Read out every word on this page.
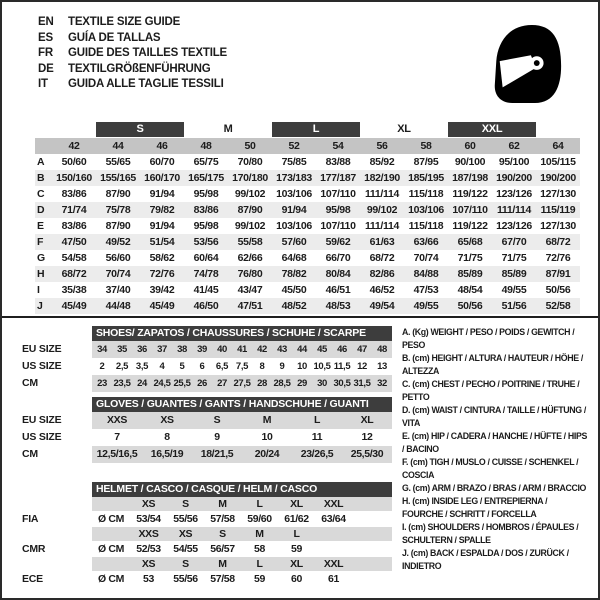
EN	TEXTILE SIZE GUIDE
ES	GUÍA DE TALLAS
FR	GUIDE DES TAILLES TEXTILE
DE	TEXTILGRÖßENFÜHRUNG
IT	GUIDA ALLE TAGLIE TESSILI
S	M	L	XL	XXL
42	44	46	48	50	52	54	56	58	60	62	64
A	50/60	55/65	60/70	65/75	70/80	75/85	83/88	85/92	87/95	90/100	95/100	105/115
B	150/160 155/165 160/170 165/175 170/180 173/183 177/187 182/190 185/195 187/198 190/200 190/200
C	83/86	87/90	91/94	95/98	99/102	103/106 107/110 111/114 115/118 119/122 123/126 127/130
D	71/74	75/78	79/82	83/86	87/90	91/94	95/98	99/102	103/106 107/110 111/114 115/119
E	83/86	87/90	91/94	95/98	99/102	103/106 107/110 111/114 115/118 119/122 123/126 127/130
F	47/50	49/52	51/54	53/56	55/58	57/60	59/62	61/63	63/66	65/68	67/70	68/72
G	54/58	56/60	58/62	60/64	62/66	64/68	66/70	68/72	70/74	71/75	71/75	72/76
H	68/72	70/74	72/76	74/78	76/80	78/82	80/84	82/86	84/88	85/89	85/89	87/91
I	35/38	37/40	39/42	41/45	43/47	45/50	46/51	46/52	47/53	48/54	49/55	50/56
J	45/49	44/48	45/49	46/50	47/51	48/52	48/53	49/54	49/55	50/56	51/56	52/58
SHOES/ ZAPATOS / CHAUSSURES / SCHUHE / SCARPE
EU SIZE	34	35	36	37	38	39	40	41	42	43	44	45	46	47	48
US SIZE	2	2,5 3,5	4	5	6	6,5 7,5	8	9	10 10,5 11,5 12	13
CM	23 23,5 24 24,5 25,5 26	27 27,5 28 28,5 29	30 30,5 31,5 32
GLOVES / GUANTES / GANTS / HANDSCHUHE / GUANTI
EU SIZE	XXS	XS	S	M	L	XL
US SIZE	7	8	9	10	11	12
CM	12,5/16,5	16,5/19	18/21,5	20/24	23/26,5	25,5/30
HELMET / CASCO / CASQUE / HELM / CASCO
XS	S	M	L	XL	XXL
FIA	Ø CM	53/54	55/56	57/58	59/60	61/62	63/64
XXS	XS	S	M	L
CMR	Ø CM	52/53	54/55	56/57	58	59
XS	S	M	L	XL	XXL
ECE	Ø CM	53	55/56	57/58	59	60	61
A. (Kg) WEIGHT / PESO / POIDS / GEWITCH / PESO
B. (cm) HEIGHT / ALTURA / HAUTEUR / HÖHE / ALTEZZA
C. (cm) CHEST / PECHO / POITRINE / TRUHE / PETTO
D. (cm) WAIST / CINTURA / TAILLE / HÜFTUNG / VITA
E. (cm) HIP / CADERA / HANCHE / HÜFTE / HIPS / BACINO
F. (cm) TIGH / MUSLO / CUISSE / SCHENKEL / COSCIA
G. (cm) ARM / BRAZO / BRAS / ARM / BRACCIO
H. (cm) INSIDE LEG / ENTREPIERNA / FOURCHE / SCHRITT / FORCELLA
I. (cm) SHOULDERS / HOMBROS / ÉPAULES / SCHULTERN / SPALLE
J. (cm) BACK / ESPALDA / DOS / ZURÜCK / INDIETRO
